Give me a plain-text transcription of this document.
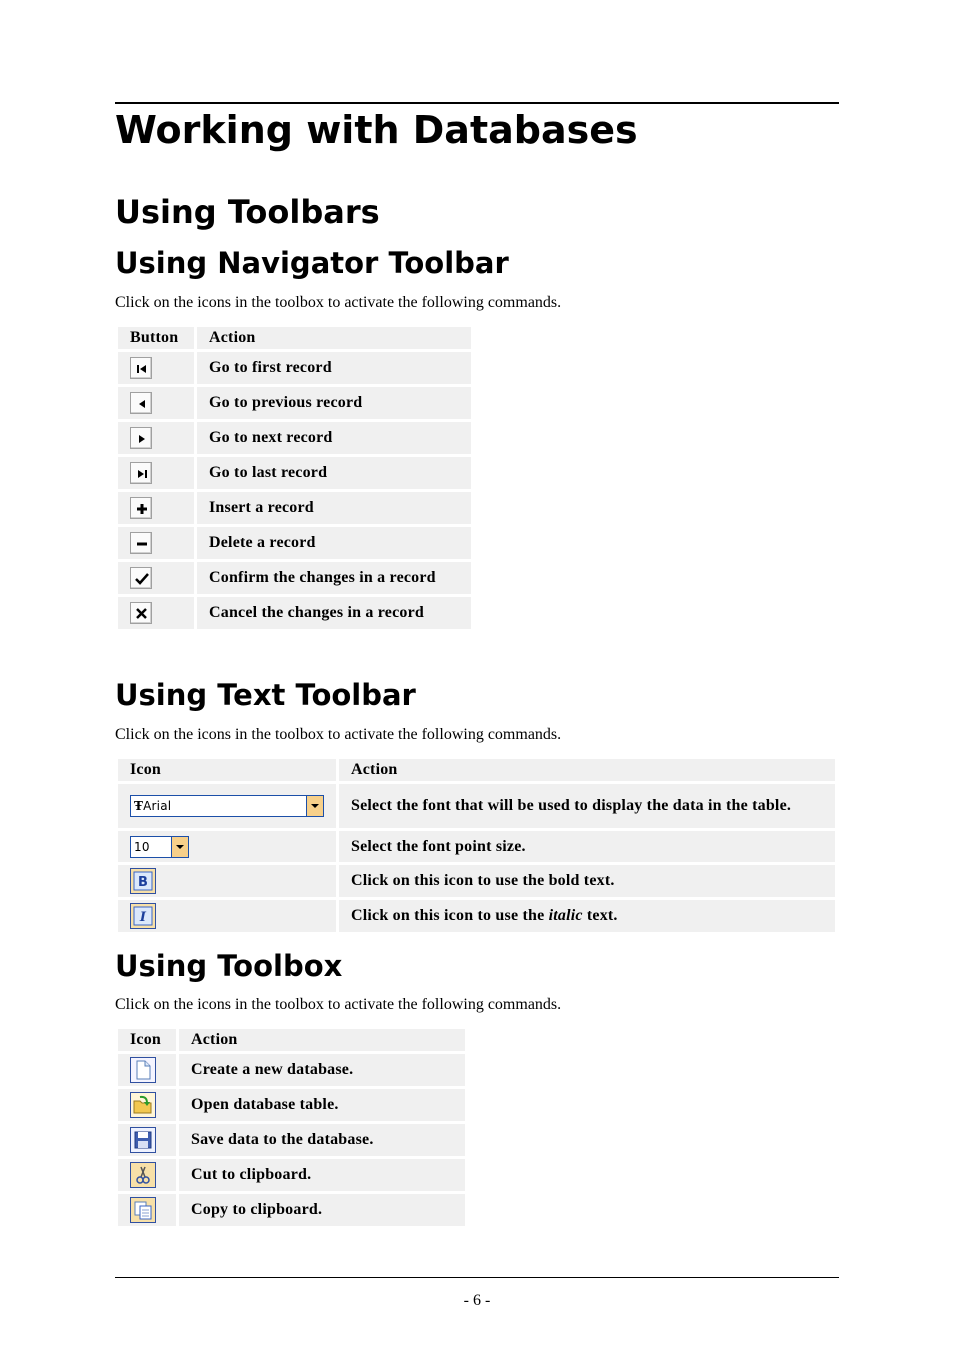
Working with Databases
Using Toolbars
Using Navigator Toolbar
Click on the icons in the toolbox to activate the following commands.
Button	Action

	Go to first record

	Go to previous record

	Go to next record

	Go to last record

	Insert a record

	Delete a record

	Confirm the changes in a record

	Cancel the changes in a record
Using Text Toolbar
Click on the icons in the toolbox to activate the following commands.
Icon	Action

ŦArial	Select the font that will be used to display the data in the table.

10	Select the font point size.

B	Click on this icon to use the bold text.

I	Click on this icon to use the italic text.
Using Toolbox
Click on the icons in the toolbox to activate the following commands.
Icon	Action

	Create a new database.

	Open database table.

	Save data to the database.

	Cut to clipboard.

	Copy to clipboard.
- 6 -
